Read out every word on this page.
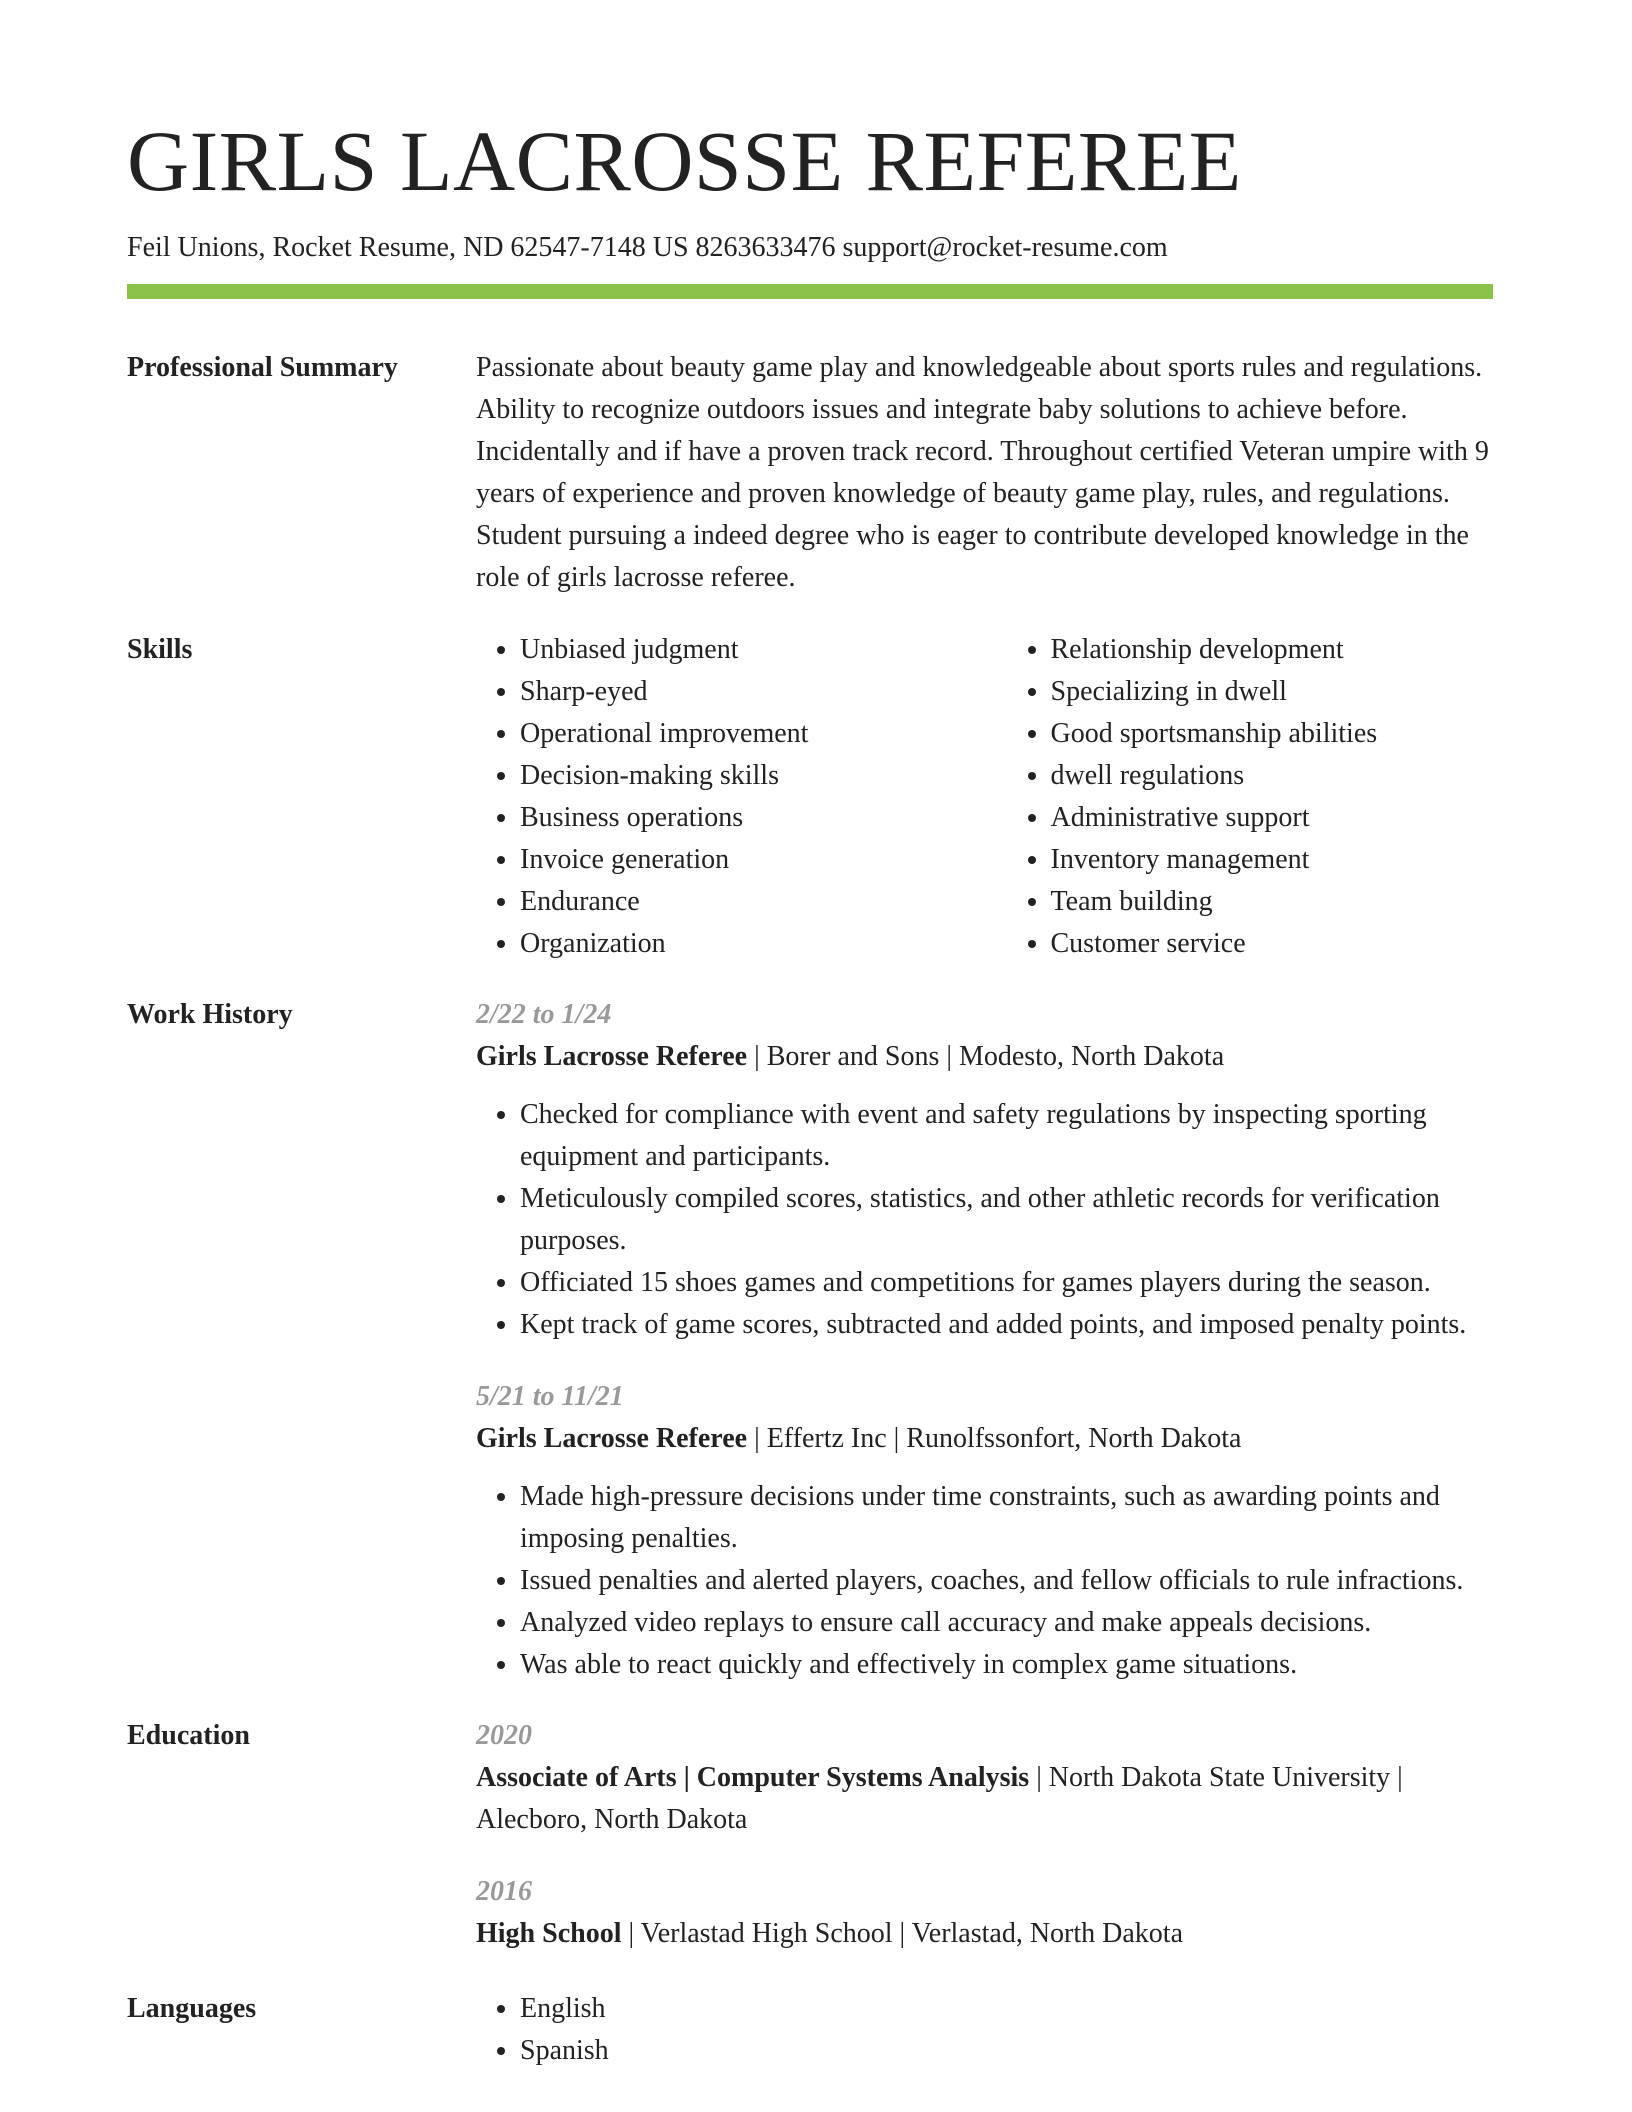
GIRLS LACROSSE REFEREE
Feil Unions, Rocket Resume, ND 62547-7148 US 8263633476 support@rocket-resume.com
Professional Summary	Passionate about beauty game play and knowledgeable about sports rules and regulations. Ability to recognize outdoors issues and integrate baby solutions to achieve before. Incidentally and if have a proven track record. Throughout certified Veteran umpire with 9 years of experience and proven knowledge of beauty game play, rules, and regulations. Student pursuing a indeed degree who is eager to contribute developed knowledge in the role of girls lacrosse referee.

Skills	• Unbiased judgment
• Sharp-eyed
• Operational improvement
• Decision-making skills
• Business operations
• Invoice generation
• Endurance
• Organization
• Relationship development
• Specializing in dwell
• Good sportsmanship abilities
• dwell regulations
• Administrative support
• Inventory management
• Team building
• Customer service
Work History	2/22 to 1/24

Girls Lacrosse Referee | Borer and Sons | Modesto, North Dakota

• Checked for compliance with event and safety regulations by inspecting sporting equipment and participants.
• Meticulously compiled scores, statistics, and other athletic records for verification purposes.
• Officiated 15 shoes games and competitions for games players during the season.
• Kept track of game scores, subtracted and added points, and imposed penalty points.
5/21 to 11/21

Girls Lacrosse Referee | Effertz Inc | Runolfssonfort, North Dakota

• Made high-pressure decisions under time constraints, such as awarding points and imposing penalties.
• Issued penalties and alerted players, coaches, and fellow officials to rule infractions.
• Analyzed video replays to ensure call accuracy and make appeals decisions.
• Was able to react quickly and effectively in complex game situations.
Education	2020

Associate of Arts | Computer Systems Analysis | North Dakota State University | Alecboro, North Dakota

2016

High School | Verlastad High School | Verlastad, North Dakota

Languages	• English
• Spanish
